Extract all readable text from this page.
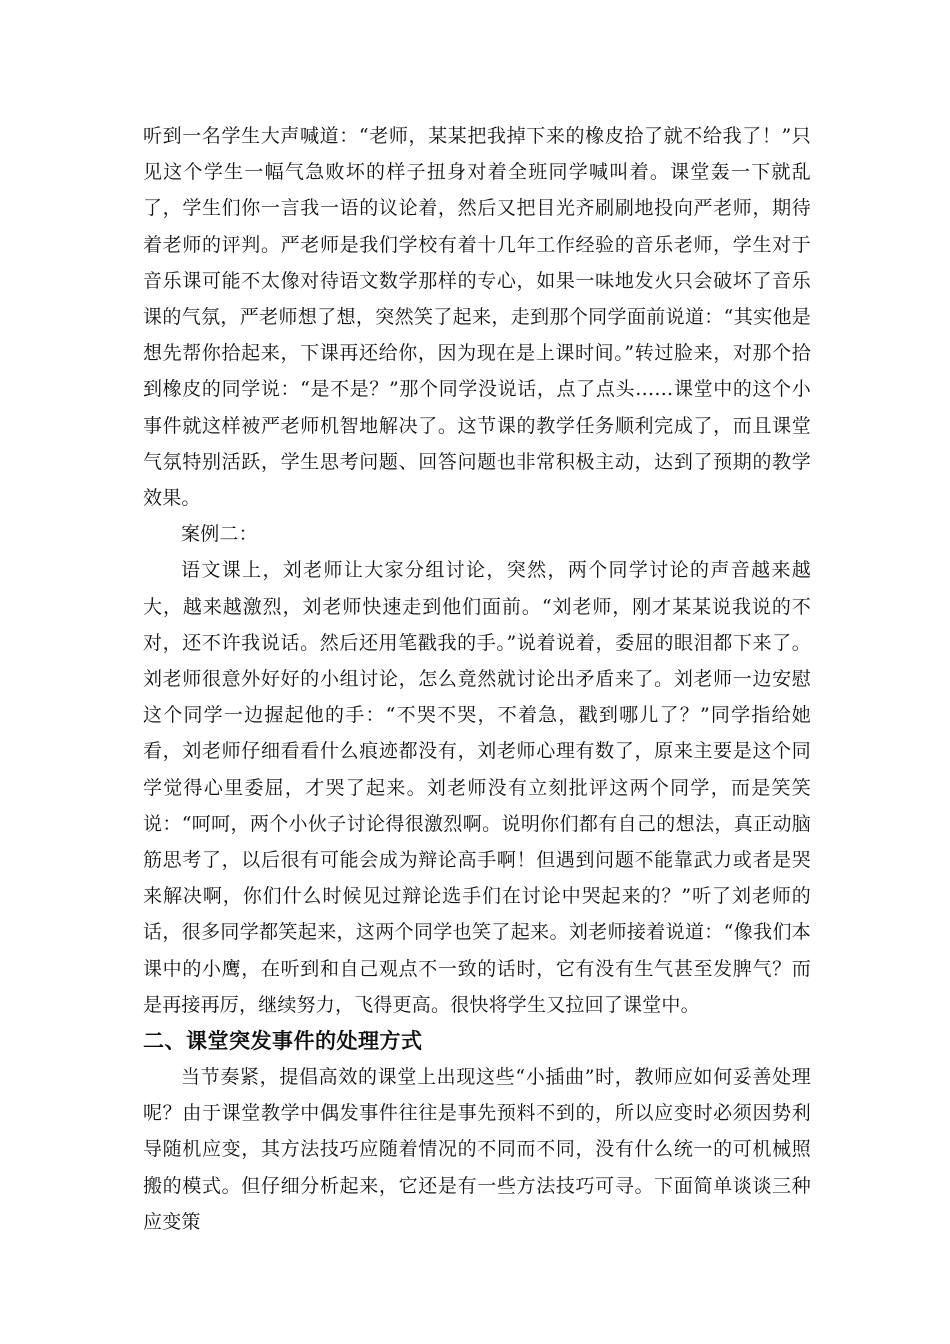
听到一名学生大声喊道：“老师，某某把我掉下来的橡皮拾了就不给我了！”只见这个学生一幅气急败坏的样子扭身对着全班同学喊叫着。课堂轰一下就乱了，学生们你一言我一语的议论着，然后又把目光齐刷刷地投向严老师，期待着老师的评判。严老师是我们学校有着十几年工作经验的音乐老师，学生对于音乐课可能不太像对待语文数学那样的专心，如果一味地发火只会破坏了音乐课的气氛，严老师想了想，突然笑了起来，走到那个同学面前说道：“其实他是想先帮你拾起来，下课再还给你，因为现在是上课时间。”转过脸来，对那个拾到橡皮的同学说：“是不是？”那个同学没说话，点了点头……课堂中的这个小事件就这样被严老师机智地解决了。这节课的教学任务顺利完成了，而且课堂气氛特别活跃，学生思考问题、回答问题也非常积极主动，达到了预期的教学效果。

案例二：

语文课上，刘老师让大家分组讨论，突然，两个同学讨论的声音越来越大，越来越激烈，刘老师快速走到他们面前。“刘老师，刚才某某说我说的不对，还不许我说话。然后还用笔戳我的手。”说着说着，委屈的眼泪都下来了。刘老师很意外好好的小组讨论，怎么竟然就讨论出矛盾来了。刘老师一边安慰这个同学一边握起他的手：“不哭不哭，不着急，戳到哪儿了？”同学指给她看，刘老师仔细看看什么痕迹都没有，刘老师心理有数了，原来主要是这个同学觉得心里委屈，才哭了起来。刘老师没有立刻批评这两个同学，而是笑笑说：“呵呵，两个小伙子讨论得很激烈啊。说明你们都有自己的想法，真正动脑筋思考了，以后很有可能会成为辩论高手啊！但遇到问题不能靠武力或者是哭来解决啊，你们什么时候见过辩论选手们在讨论中哭起来的？”听了刘老师的话，很多同学都笑起来，这两个同学也笑了起来。刘老师接着说道：“像我们本课中的小鹰，在听到和自己观点不一致的话时，它有没有生气甚至发脾气？而是再接再厉，继续努力，飞得更高。很快将学生又拉回了课堂中。

二、课堂突发事件的处理方式

当节奏紧，提倡高效的课堂上出现这些“小插曲”时，教师应如何妥善处理呢？由于课堂教学中偶发事件往往是事先预料不到的，所以应变时必须因势利导随机应变，其方法技巧应随着情况的不同而不同，没有什么统一的可机械照搬的模式。但仔细分析起来，它还是有一些方法技巧可寻。下面简单谈谈三种应变策
